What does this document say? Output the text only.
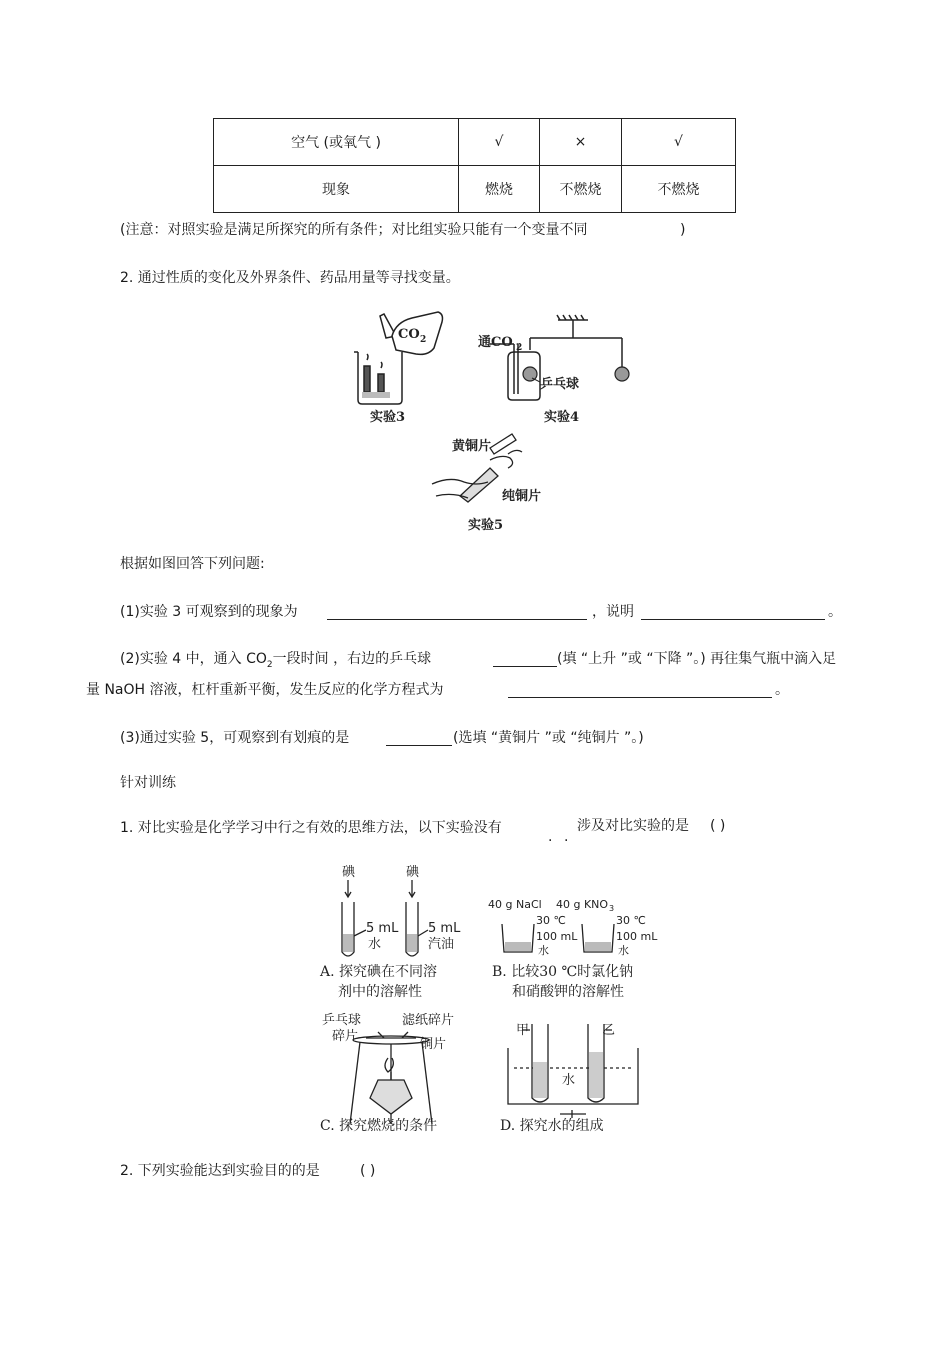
空气 (或氧气 )	√	×	√
现象	燃烧	不燃烧	不燃烧
(注意：对照实验是满足所探究的所有条件；对比组实验只能有一个变量不同	)
2. 通过性质的变化及外界条件、药品用量等寻找变量。
CO 2
实验3
通CO 2
乒乓球
实验4
黄铜片
纯铜片
实验5
根据如图回答下列问题:
(1)实验 3 可观察到的现象为	，说明	。
(2)实验 4 中，通入 $CO_2$一段时间 ，右边的乒乓球	(填 “上升 ”或 “下降 ”。) 再往集气瓶中滴入足
量 NaOH 溶液，杠杆重新平衡，发生反应的化学方程式为	。
(3)通过实验 5，可观察到有划痕的是	(选填 “黄铜片 ”或 “纯铜片 ”。)
针对训练
1. 对比实验是化学学习中行之有效的思维方法，以下实验没有
. .
涉及对比实验的是 ( )
碘	碘
5 mL
水
5 mL
汽油
A. 探究碘在不同溶
剂中的溶解性
40 g NaCl 40 g KNO 3
30 ℃	30 ℃
100 mL	100 mL
水	水
B. 比较30 ℃时氯化钠
和硝酸钾的溶解性
乒乓球
碎片
滤纸碎片
铜片
C. 探究燃烧的条件
甲	乙
水
D. 探究水的组成
2. 下列实验能达到实验目的的是	( )
